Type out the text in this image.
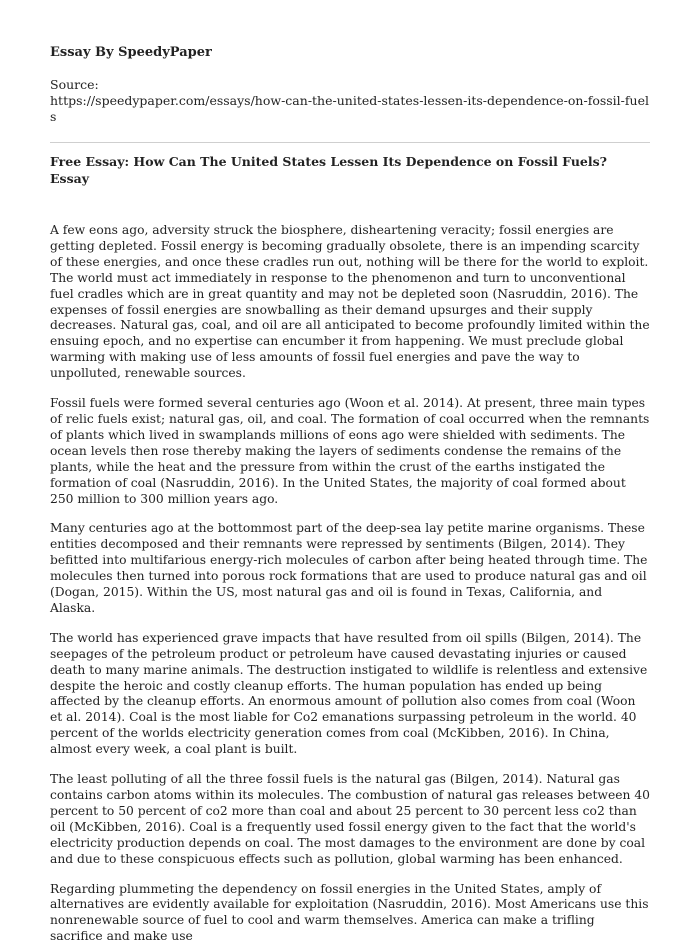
Essay By SpeedyPaper
Source:
https://speedypaper.com/essays/how-can-the-united-states-lessen-its-dependence-on-fossil-fuels
Free Essay: How Can The United States Lessen Its Dependence on Fossil Fuels? Essay

A few eons ago, adversity struck the biosphere, disheartening veracity; fossil energies are getting depleted. Fossil energy is becoming gradually obsolete, there is an impending scarcity of these energies, and once these cradles run out, nothing will be there for the world to exploit. The world must act immediately in response to the phenomenon and turn to unconventional fuel cradles which are in great quantity and may not be depleted soon (Nasruddin, 2016). The expenses of fossil energies are snowballing as their demand upsurges and their supply decreases. Natural gas, coal, and oil are all anticipated to become profoundly limited within the ensuing epoch, and no expertise can encumber it from happening. We must preclude global warming with making use of less amounts of fossil fuel energies and pave the way to unpolluted, renewable sources.

Fossil fuels were formed several centuries ago (Woon et al. 2014). At present, three main types of relic fuels exist; natural gas, oil, and coal. The formation of coal occurred when the remnants of plants which lived in swamplands millions of eons ago were shielded with sediments. The ocean levels then rose thereby making the layers of sediments condense the remains of the plants, while the heat and the pressure from within the crust of the earths instigated the formation of coal (Nasruddin, 2016). In the United States, the majority of coal formed about 250 million to 300 million years ago.

Many centuries ago at the bottommost part of the deep-sea lay petite marine organisms. These entities decomposed and their remnants were repressed by sentiments (Bilgen, 2014). They befitted into multifarious energy-rich molecules of carbon after being heated through time. The molecules then turned into porous rock formations that are used to produce natural gas and oil (Dogan, 2015). Within the US, most natural gas and oil is found in Texas, California, and Alaska.

The world has experienced grave impacts that have resulted from oil spills (Bilgen, 2014). The seepages of the petroleum product or petroleum have caused devastating injuries or caused death to many marine animals. The destruction instigated to wildlife is relentless and extensive despite the heroic and costly cleanup efforts. The human population has ended up being affected by the cleanup efforts. An enormous amount of pollution also comes from coal (Woon et al. 2014). Coal is the most liable for Co2 emanations surpassing petroleum in the world. 40 percent of the worlds electricity generation comes from coal (McKibben, 2016). In China, almost every week, a coal plant is built.

The least polluting of all the three fossil fuels is the natural gas (Bilgen, 2014). Natural gas contains carbon atoms within its molecules. The combustion of natural gas releases between 40 percent to 50 percent of co2 more than coal and about 25 percent to 30 percent less co2 than oil (McKibben, 2016). Coal is a frequently used fossil energy given to the fact that the world's electricity production depends on coal. The most damages to the environment are done by coal and due to these conspicuous effects such as pollution, global warming has been enhanced.

Regarding plummeting the dependency on fossil energies in the United States, amply of alternatives are evidently available for exploitation (Nasruddin, 2016). Most Americans use this nonrenewable source of fuel to cool and warm themselves. America can make a trifling sacrifice and make use
